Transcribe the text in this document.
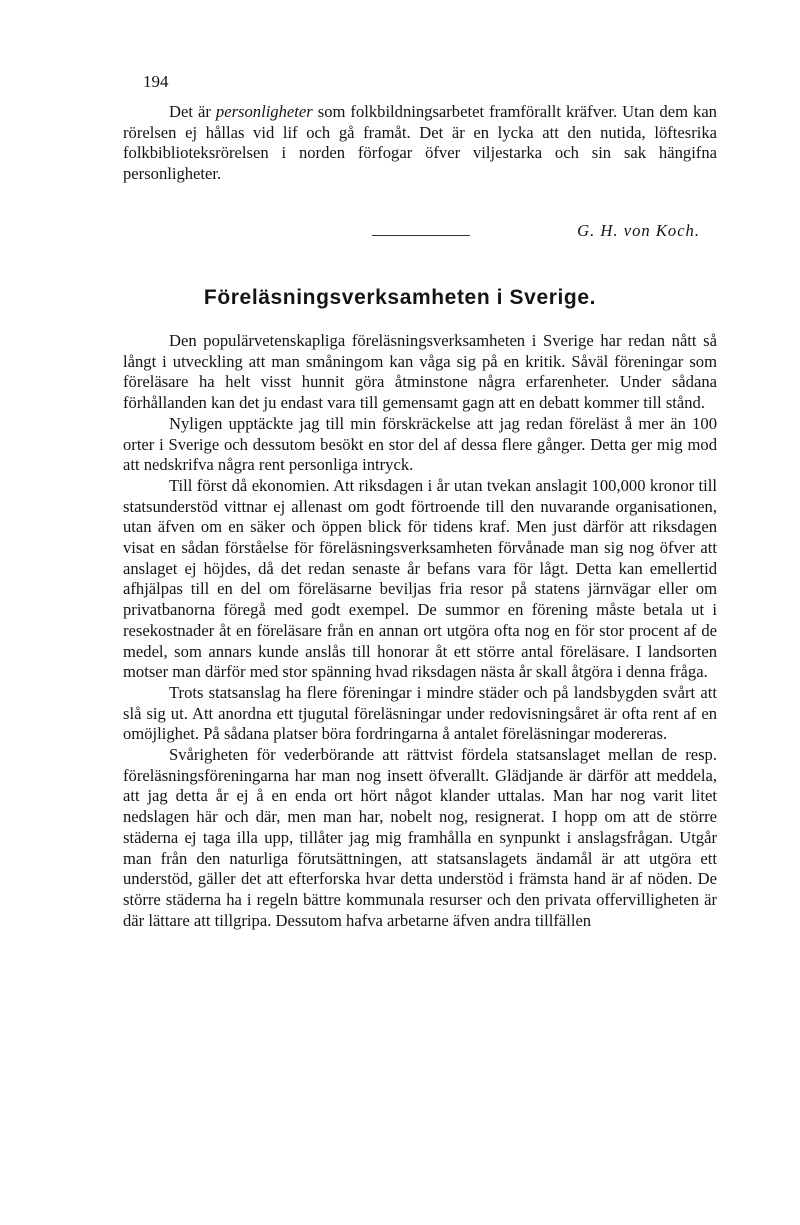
194

Det är personligheter som folkbildningsarbetet framförallt kräfver. Utan dem kan rörelsen ej hållas vid lif och gå framåt. Det är en lycka att den nutida, löftesrika folkbiblioteksrörelsen i norden förfogar öfver viljestarka och sin sak hängifna personligheter.

G. H. von Koch.
Föreläsningsverksamheten i Sverige.

Den populärvetenskapliga föreläsningsverksamheten i Sverige har redan nått så långt i utveckling att man småningom kan våga sig på en kritik. Såväl föreningar som föreläsare ha helt visst hunnit göra åtminstone några erfarenheter. Under sådana förhållanden kan det ju endast vara till gemensamt gagn att en debatt kommer till stånd.

Nyligen upptäckte jag till min förskräckelse att jag redan föreläst å mer än 100 orter i Sverige och dessutom besökt en stor del af dessa flere gånger. Detta ger mig mod att nedskrifva några rent personliga intryck.

Till först då ekonomien. Att riksdagen i år utan tvekan anslagit 100,000 kronor till statsunderstöd vittnar ej allenast om godt förtroende till den nuvarande organisationen, utan äfven om en säker och öppen blick för tidens kraf. Men just därför att riksdagen visat en sådan förståelse för föreläsningsverksamheten förvånade man sig nog öfver att anslaget ej höjdes, då det redan senaste år befans vara för lågt. Detta kan emellertid afhjälpas till en del om föreläsarne beviljas fria resor på statens järnvägar eller om privatbanorna föregå med godt exempel. De summor en förening måste betala ut i resekostnader åt en föreläsare från en annan ort utgöra ofta nog en för stor procent af de medel, som annars kunde anslås till honorar åt ett större antal föreläsare. I landsorten motser man därför med stor spänning hvad riksdagen nästa år skall åtgöra i denna fråga.

Trots statsanslag ha flere föreningar i mindre städer och på landsbygden svårt att slå sig ut. Att anordna ett tjugutal föreläsningar under redovisningsåret är ofta rent af en omöjlighet. På sådana platser böra fordringarna å antalet föreläsningar modereras.

Svårigheten för vederbörande att rättvist fördela statsanslaget mellan de resp. föreläsningsföreningarna har man nog insett öfverallt. Glädjande är därför att meddela, att jag detta år ej å en enda ort hört något klander uttalas. Man har nog varit litet nedslagen här och där, men man har, nobelt nog, resignerat. I hopp om att de större städerna ej taga illa upp, tillåter jag mig framhålla en synpunkt i anslagsfrågan. Utgår man från den naturliga förutsättningen, att statsanslagets ändamål är att utgöra ett understöd, gäller det att efterforska hvar detta understöd i främsta hand är af nöden. De större städerna ha i regeln bättre kommunala resurser och den privata offervilligheten är där lättare att tillgripa. Dessutom hafva arbetarne äfven andra tillfällen
